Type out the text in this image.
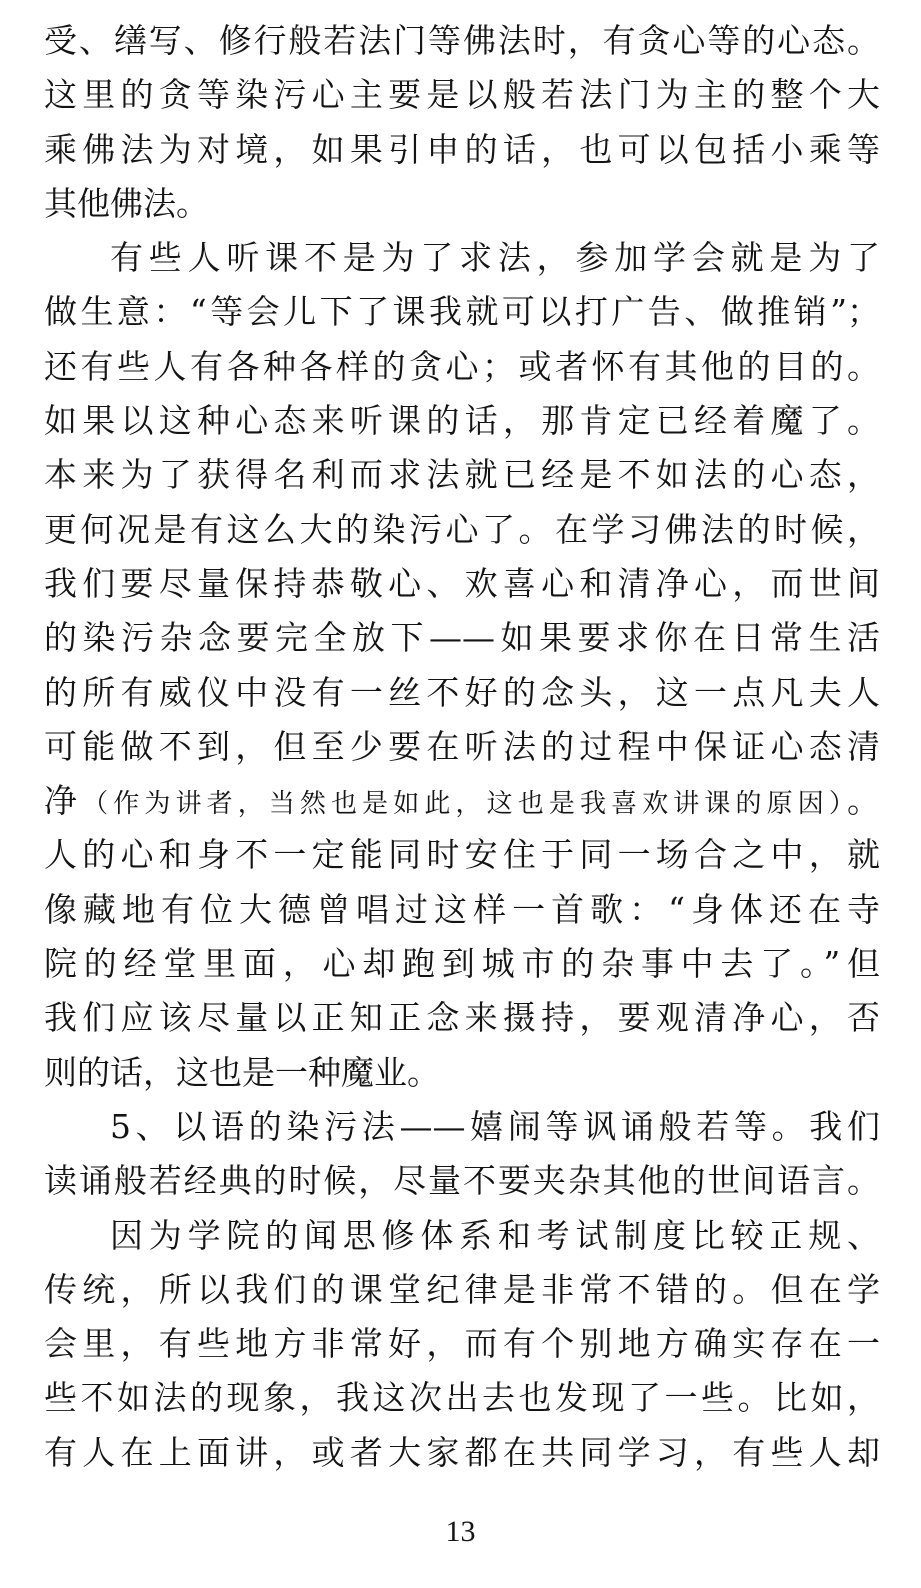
受、缮写、修行般若法门等佛法时，有贪心等的心态。
这里的贪等染污心主要是以般若法门为主的整个大
乘佛法为对境，如果引申的话，也可以包括小乘等
其他佛法。
有些人听课不是为了求法，参加学会就是为了
做生意：“等会儿下了课我就可以打广告、做推销”；
还有些人有各种各样的贪心；或者怀有其他的目的。
如果以这种心态来听课的话，那肯定已经着魔了。
本来为了获得名利而求法就已经是不如法的心态，
更何况是有这么大的染污心了。在学习佛法的时候，
我们要尽量保持恭敬心、欢喜心和清净心，而世间
的染污杂念要完全放下——如果要求你在日常生活
的所有威仪中没有一丝不好的念头，这一点凡夫人
可能做不到，但至少要在听法的过程中保证心态清
净（作为讲者，当然也是如此，这也是我喜欢讲课的原因）。
人的心和身不一定能同时安住于同一场合之中，就
像藏地有位大德曾唱过这样一首歌：“身体还在寺
院的经堂里面，心却跑到城市的杂事中去了。”但
我们应该尽量以正知正念来摄持，要观清净心，否
则的话，这也是一种魔业。
5、以语的染污法——嬉闹等讽诵般若等。我们
读诵般若经典的时候，尽量不要夹杂其他的世间语言。
因为学院的闻思修体系和考试制度比较正规、
传统，所以我们的课堂纪律是非常不错的。但在学
会里，有些地方非常好，而有个别地方确实存在一
些不如法的现象，我这次出去也发现了一些。比如，
有人在上面讲，或者大家都在共同学习，有些人却
13
